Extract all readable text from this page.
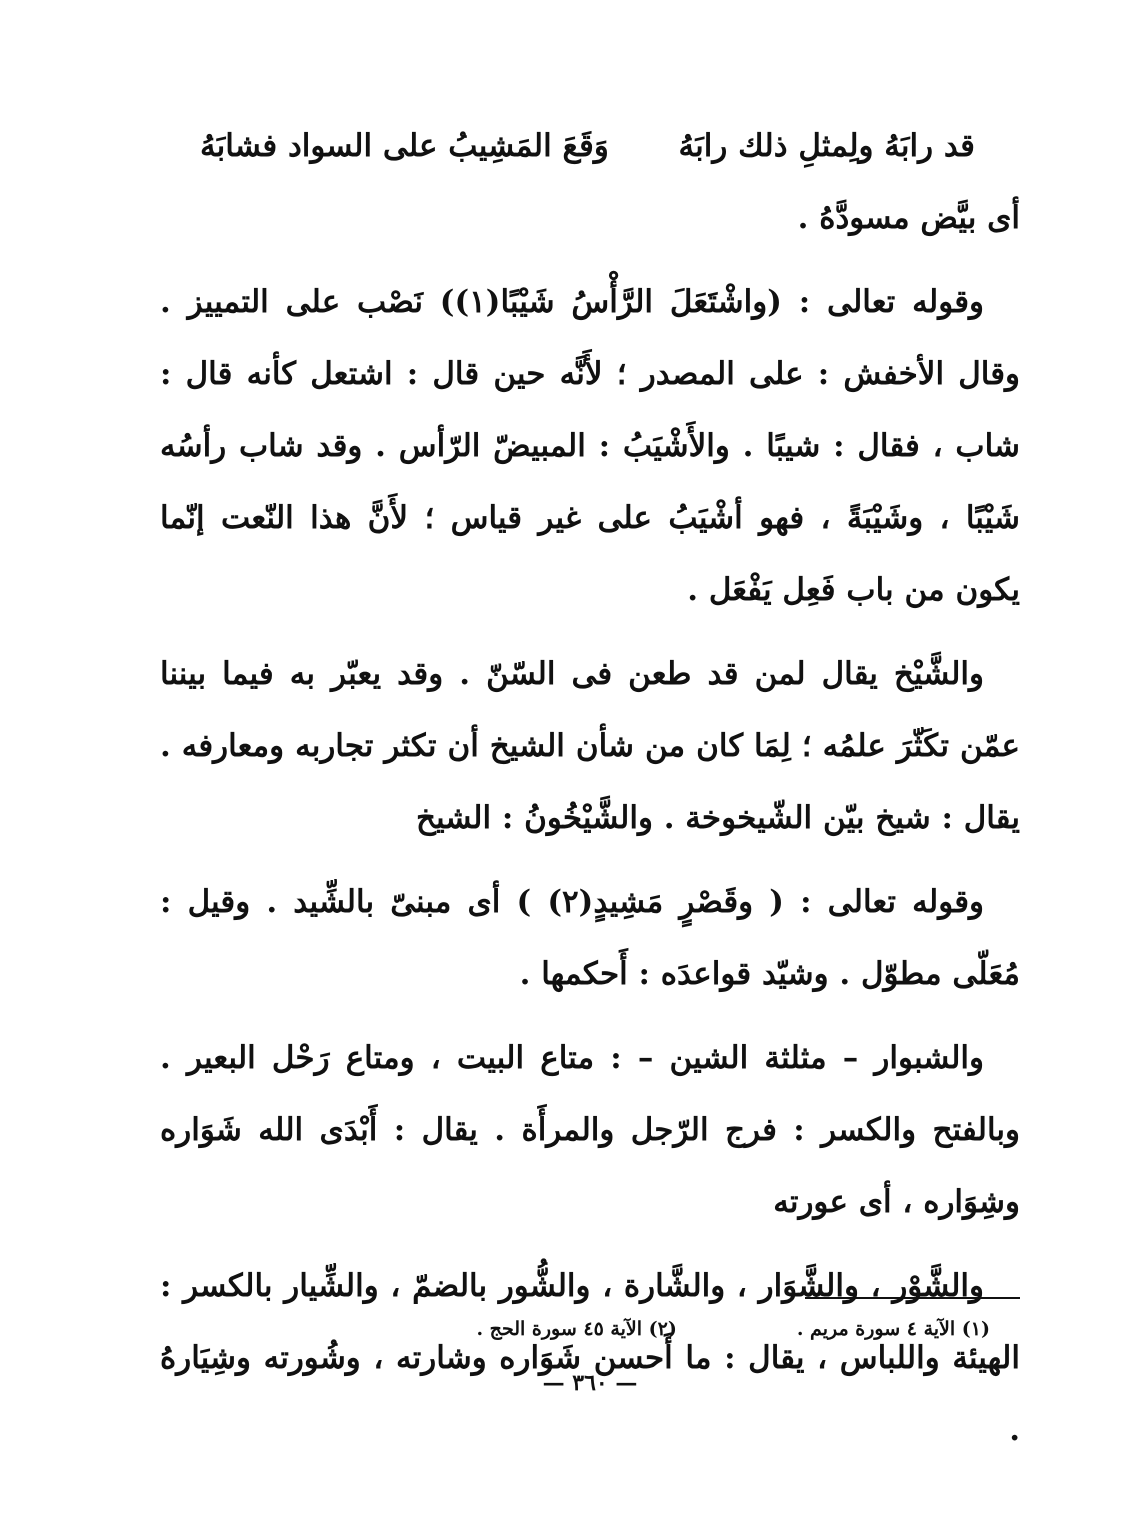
قد رابَهُ ولِمثلِ ذلك رابَهُ
وَقَعَ المَشِيبُ على السواد فشابَهُ

أى بيَّض مسودَّهُ .

وقوله تعالى : (واشْتَعَلَ الرَّأْسُ شَيْبًا(١)) نَصْب على التمييز . وقال الأخفش : على المصدر ؛ لأَنَّه حين قال : اشتعل كأنه قال : شاب ، فقال : شيبًا . والأَشْيَبُ : المبيضّ الرّأس . وقد شاب رأسُه شَيْبًا ، وشَيْبَةً ، فهو أشْيَبُ على غير قياس ؛ لأَنَّ هذا النّعت إنّما يكون من باب فَعِل يَفْعَل .

والشَّيْخ يقال لمن قد طعن فى السّنّ . وقد يعبّر به فيما بيننا عمّن تكَثّرَ علمُه ؛ لِمَا كان من شأن الشيخ أن تكثر تجاربه ومعارفه . يقال : شيخ بيّن الشّيخوخة . والشَّيْخُونُ : الشيخ

وقوله تعالى : ( وقَصْرٍ مَشِيدٍ(٢) ) أى مبنىّ بالشِّيد . وقيل : مُعَلّى مطوّل . وشيّد قواعدَه : أَحكمها .

والشبوار – مثلثة الشين – : متاع البيت ، ومتاع رَحْل البعير . وبالفتح والكسر : فرج الرّجل والمرأَة . يقال : أَبْدَى الله شَوَاره وشِوَاره ، أى عورته

والشَّوْر ، والشَّوَار ، والشَّارة ، والشُّور بالضمّ ، والشِّيار بالكسر : الهيئة واللباس ، يقال : ما أَحسن شَوَاره وشارته ، وشُورته وشِيَارهُ .

(١) الآية ٤ سورة مريم .
(٢) الآية ٤٥ سورة الحج .
— ٣٦٠ —
